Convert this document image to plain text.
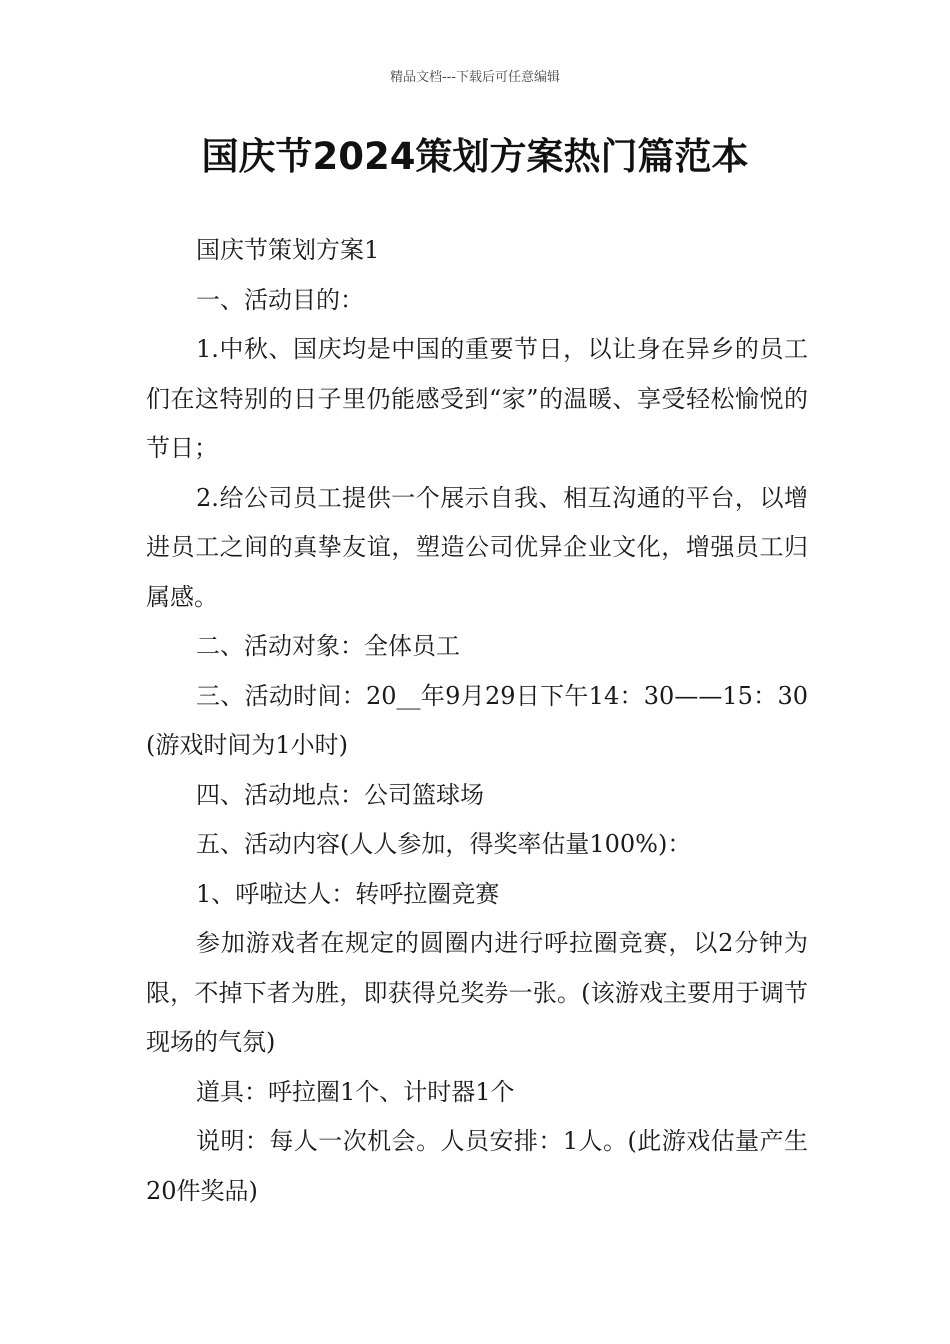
精品文档---下载后可任意编辑
国庆节2024策划方案热门篇范本

国庆节策划方案1

一、活动目的：

1.中秋、国庆均是中国的重要节日，以让身在异乡的员工们在这特别的日子里仍能感受到“家”的温暖、享受轻松愉悦的节日；

2.给公司员工提供一个展示自我、相互沟通的平台，以增进员工之间的真挚友谊，塑造公司优异企业文化，增强员工归属感。

二、活动对象：全体员工

三、活动时间：20__年9月29日下午14：30——15：30(游戏时间为1小时)

四、活动地点：公司篮球场

五、活动内容(人人参加，得奖率估量100%)：

1、呼啦达人：转呼拉圈竞赛

参加游戏者在规定的圆圈内进行呼拉圈竞赛，以2分钟为限，不掉下者为胜，即获得兑奖券一张。(该游戏主要用于调节现场的气氛)

道具：呼拉圈1个、计时器1个

说明：每人一次机会。人员安排：1人。(此游戏估量产生20件奖品)
